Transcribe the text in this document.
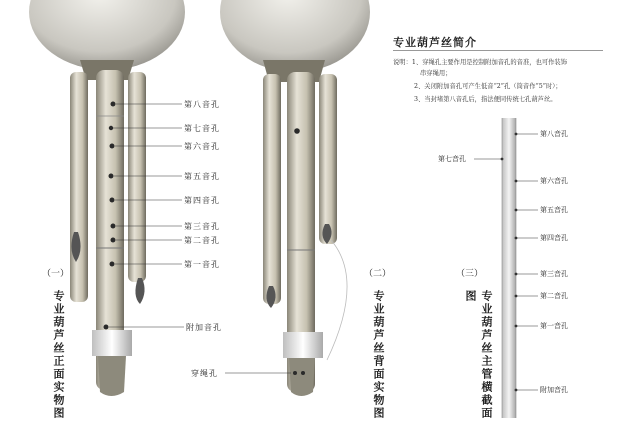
第八音孔
第七音孔
第六音孔
第五音孔
第四音孔
第三音孔
第二音孔
第一音孔
附加音孔
（一）
专业葫芦丝正面实物图	穿绳孔
（二）
专业葫芦丝背面实物图
专业葫芦丝简介
说明：1、穿绳孔主要作用是控制附加音孔的音准，也可作装饰
串穿绳用；
2、关闭附加音孔可产生低音“2”孔（筒音作“5”时）；
3、当封堵第八音孔后，指法便同传统七孔葫芦丝。
第七音孔
第八音孔
第六音孔
第五音孔
第四音孔
第三音孔
第二音孔
第一音孔
附加音孔
（三）
专业葫芦丝主管横截面图
